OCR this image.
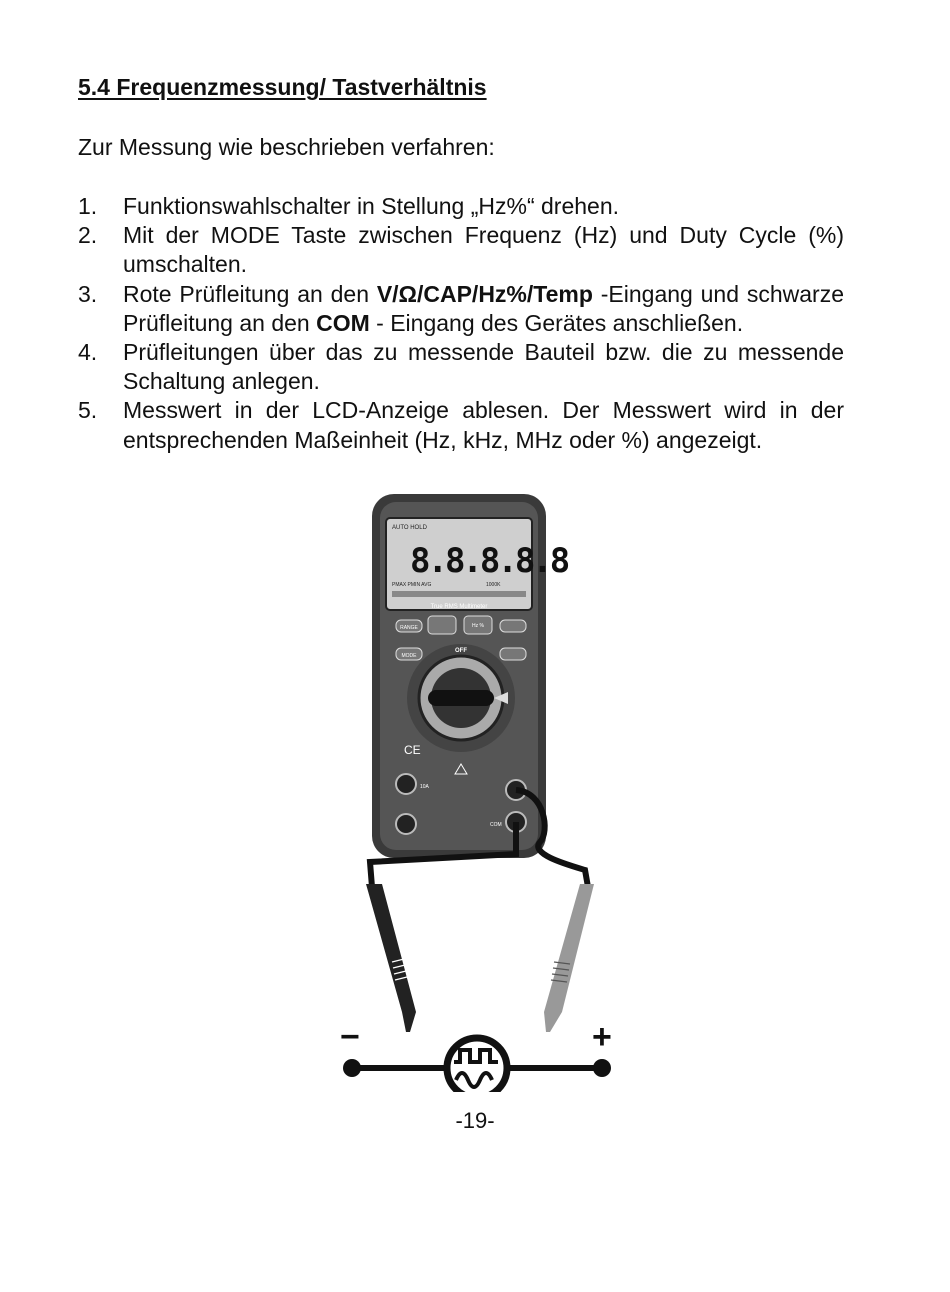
5.4 Frequenzmessung/ Tastverhältnis

Zur Messung wie beschrieben verfahren:

1. Funktionswahlschalter in Stellung „Hz%“ drehen.
2. Mit der MODE Taste zwischen Frequenz (Hz) und Duty Cycle (%) umschalten.
3. Rote Prüfleitung an den V/Ω/CAP/Hz%/Temp -Eingang und schwarze Prüfleitung an den COM - Eingang des Gerätes anschließen.
4. Prüfleitungen über das zu messende Bauteil bzw. die zu messende Schaltung anlegen.
5. Messwert in der LCD-Anzeige ablesen. Der Messwert wird in der entsprechenden Maßeinheit (Hz, kHz, MHz oder %) angezeigt.
AUTO HOLD
8.8.8.8.8
PMAX PMIN AVG	1000K
True RMS Multimeter
RANGE	Hz %
MODE
OFF
CE
10A
COM
−	+
-19-
